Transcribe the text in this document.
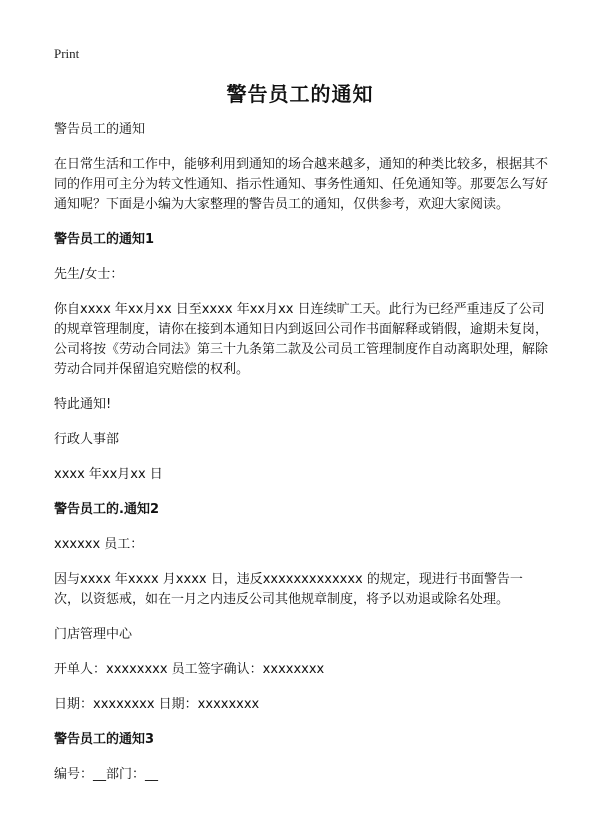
Print
警告员工的通知

警告员工的通知

在日常生活和工作中，能够利用到通知的场合越来越多，通知的种类比较多，根据其不同的作用可主分为转文性通知、指示性通知、事务性通知、任免通知等。那要怎么写好通知呢？下面是小编为大家整理的警告员工的通知，仅供参考，欢迎大家阅读。

警告员工的通知1

先生/女士：

你自xxxx 年xx月xx 日至xxxx 年xx月xx 日连续旷工天。此行为已经严重违反了公司的规章管理制度，请你在接到本通知日内到返回公司作书面解释或销假，逾期未复岗，公司将按《劳动合同法》第三十九条第二款及公司员工管理制度作自动离职处理，解除劳动合同并保留追究赔偿的权利。

特此通知!

行政人事部

xxxx 年xx月xx 日

警告员工的.通知2

xxxxxx 员工：

因与xxxx 年xxxx 月xxxx 日，违反xxxxxxxxxxxxx 的规定，现进行书面警告一次，以资惩戒，如在一月之内违反公司其他规章制度，将予以劝退或除名处理。

门店管理中心

开单人：xxxxxxxx 员工签字确认：xxxxxxxx

日期：xxxxxxxx 日期：xxxxxxxx

警告员工的通知3

编号：__部门：__
